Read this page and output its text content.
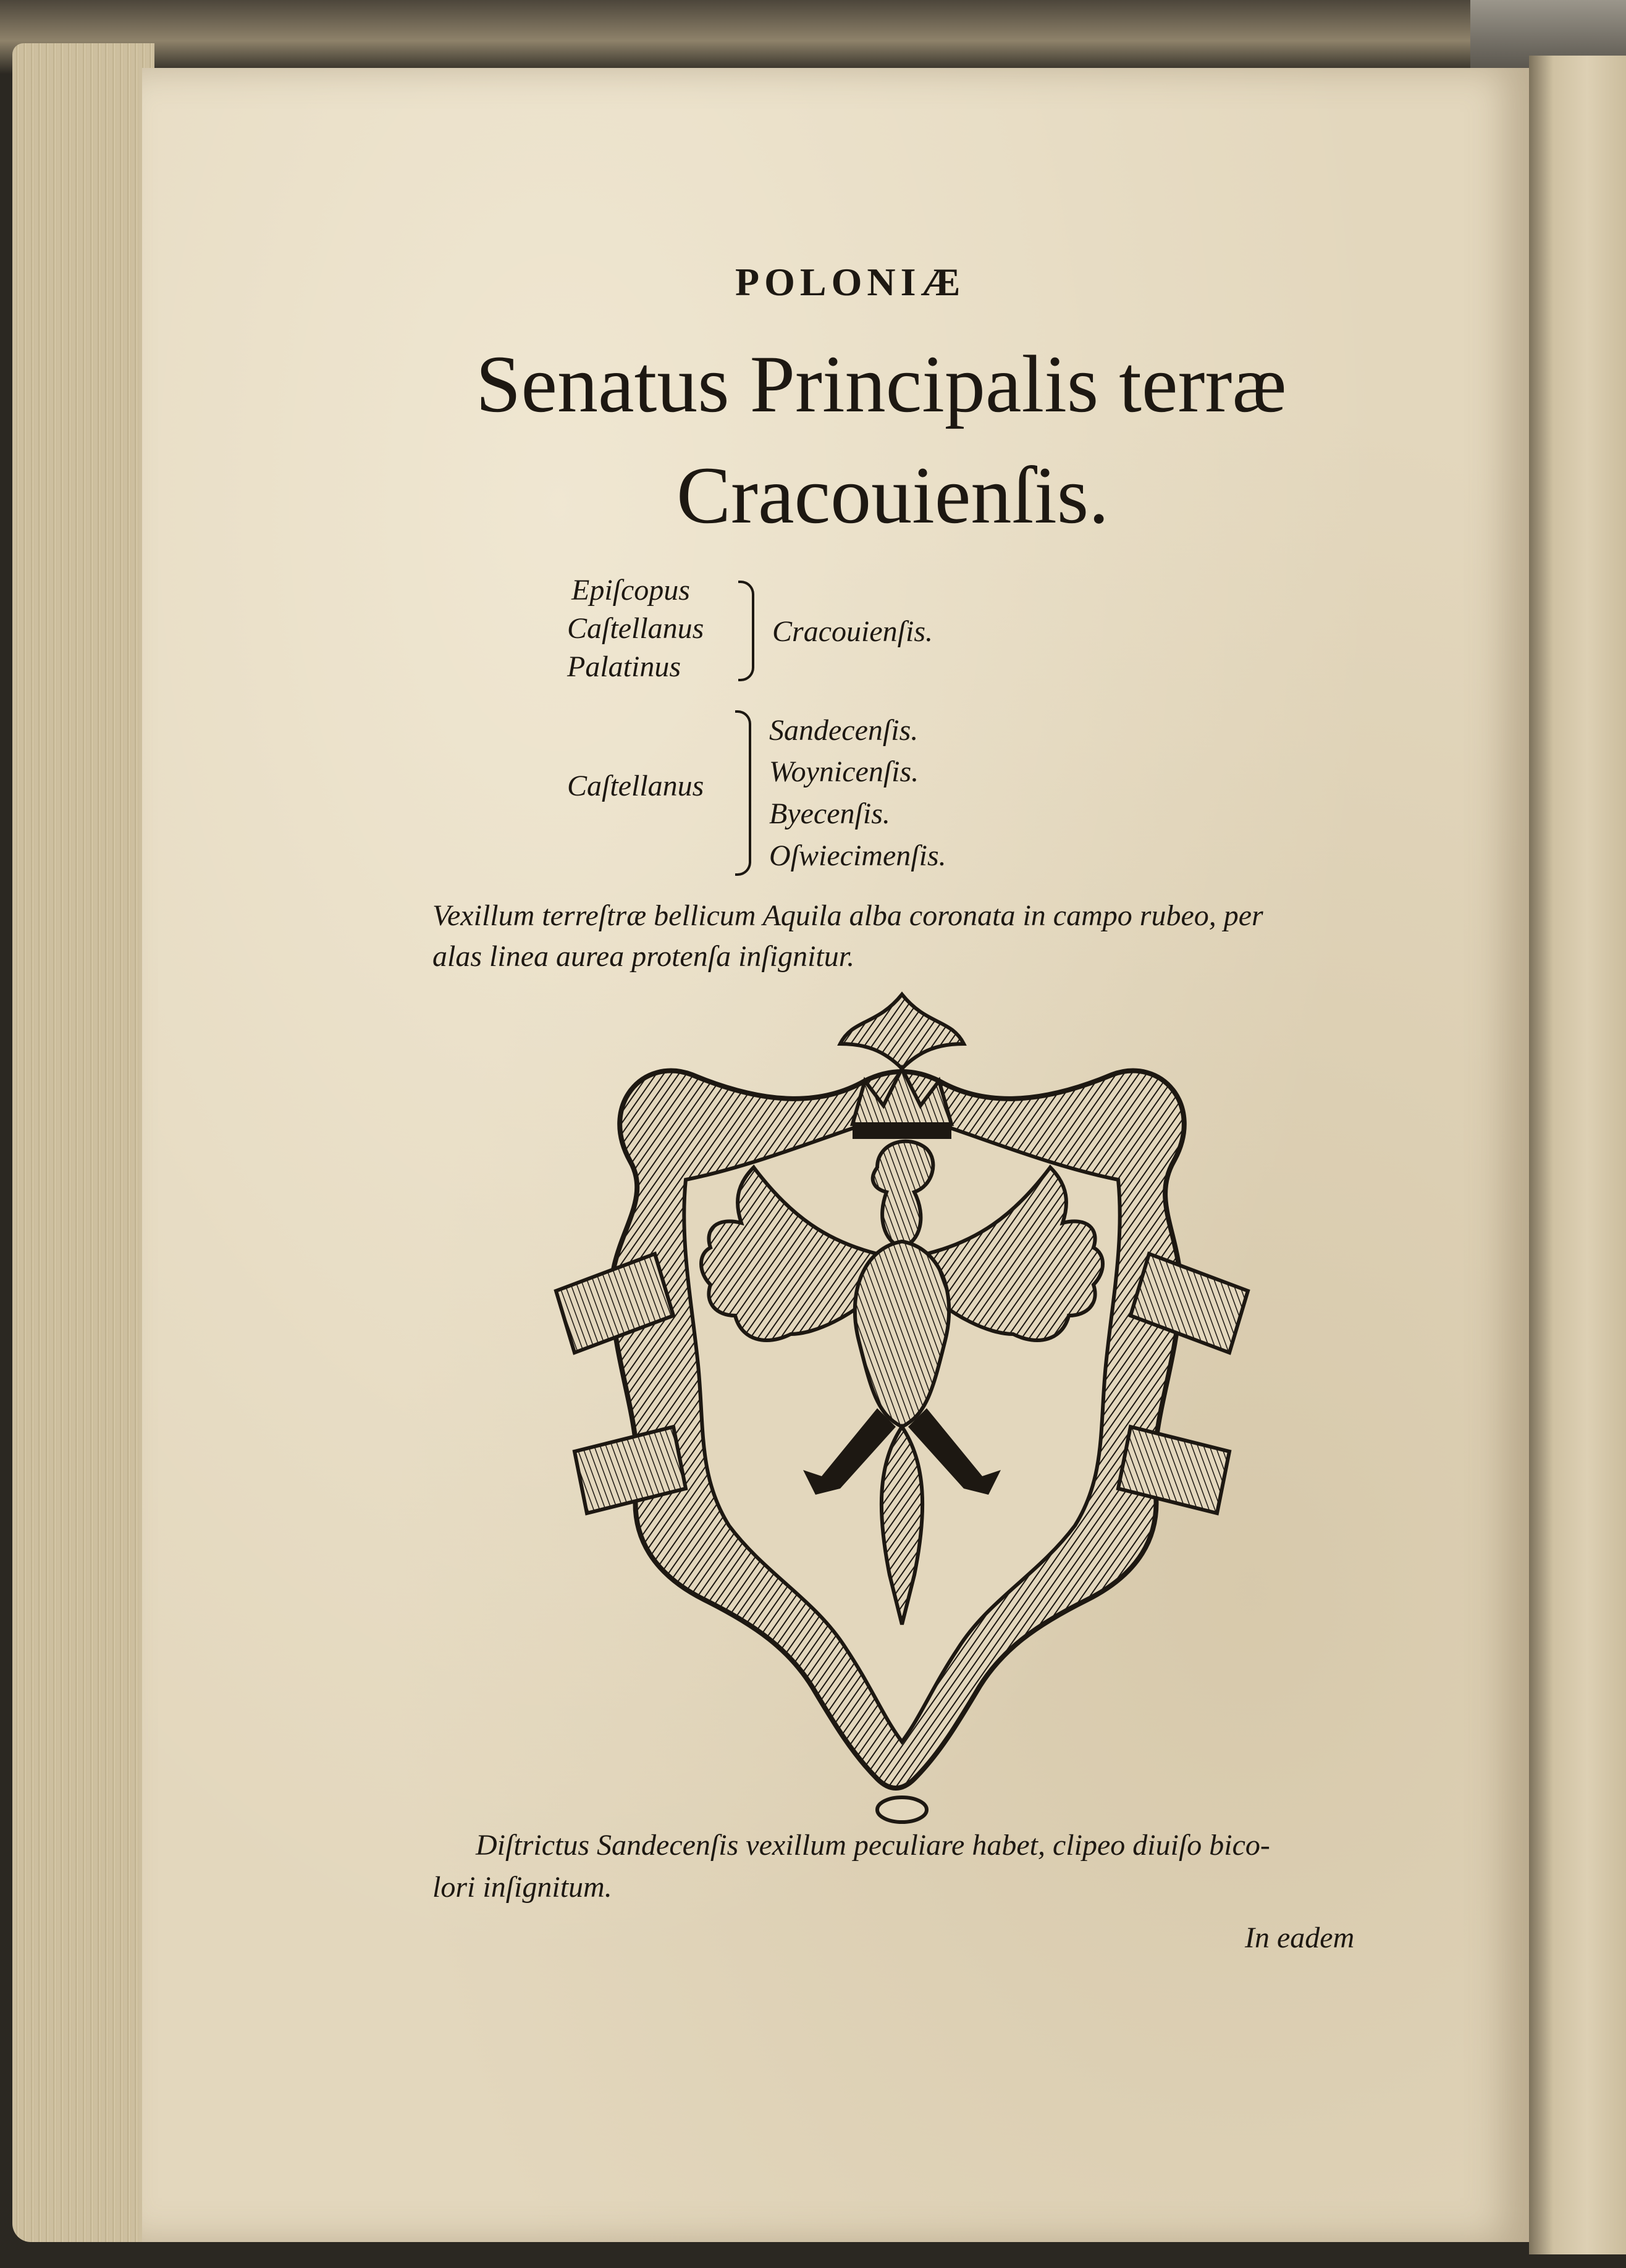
POLONIÆ
Senatus Principalis terræ
Cracouienſis.
Epiſcopus
Caſtellanus
Palatinus
Cracouienſis.
Caſtellanus
Sandecenſis.
Woynicenſis.
Byecenſis.
Oſwiecimenſis.
Vexillum terreſtræ bellicum Aquila alba coronata in campo rubeo, per
alas linea aurea protenſa inſignitur.
Diſtrictus Sandecenſis vexillum peculiare habet, clipeo diuiſo bico-
lori inſignitum.
In eadem
